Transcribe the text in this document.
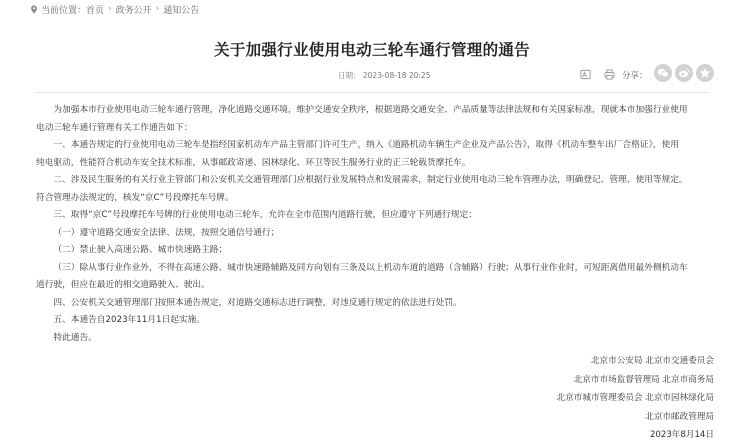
当前位置： 首页 › 政务公开 › 通知公告
关于加强行业使用电动三轮车通行管理的通告
日期： 2023-08-18 20:25	分享：

为加强本市行业使用电动三轮车通行管理，净化道路交通环境，维护交通安全秩序，根据道路交通安全、产品质量等法律法规和有关国家标准，现就本市加强行业使用

电动三轮车通行管理有关工作通告如下：

一、本通告规定的行业使用电动三轮车是指经国家机动车产品主管部门许可生产，纳入《道路机动车辆生产企业及产品公告》，取得《机动车整车出厂合格证》，使用

纯电驱动，性能符合机动车安全技术标准，从事邮政寄递、园林绿化、环卫等民生服务行业的正三轮载货摩托车。

二、涉及民生服务的有关行业主管部门和公安机关交通管理部门应根据行业发展特点和发展需求，制定行业使用电动三轮车管理办法，明确登记、管理、使用等规定。

符合管理办法规定的，核发“京C”号段摩托车号牌。

三、取得“京C”号段摩托车号牌的行业使用电动三轮车，允许在全市范围内道路行驶，但应遵守下列通行规定：

（一）遵守道路交通安全法律、法规，按照交通信号通行；

（二）禁止驶入高速公路、城市快速路主路；

（三）除从事行业作业外，不得在高速公路、城市快速路辅路及同方向划有三条及以上机动车道的道路（含辅路）行驶；从事行业作业时，可短距离借用最外侧机动车

道行驶，但应在最近的相交道路驶入、驶出。

四、公安机关交通管理部门按照本通告规定，对道路交通标志进行调整，对违反通行规定的依法进行处罚。

五、本通告自2023年11月1日起实施。

特此通告。

北京市公安局 北京市交通委员会
北京市市场监督管理局 北京市商务局
北京市城市管理委员会 北京市园林绿化局
北京市邮政管理局
2023年8月14日
